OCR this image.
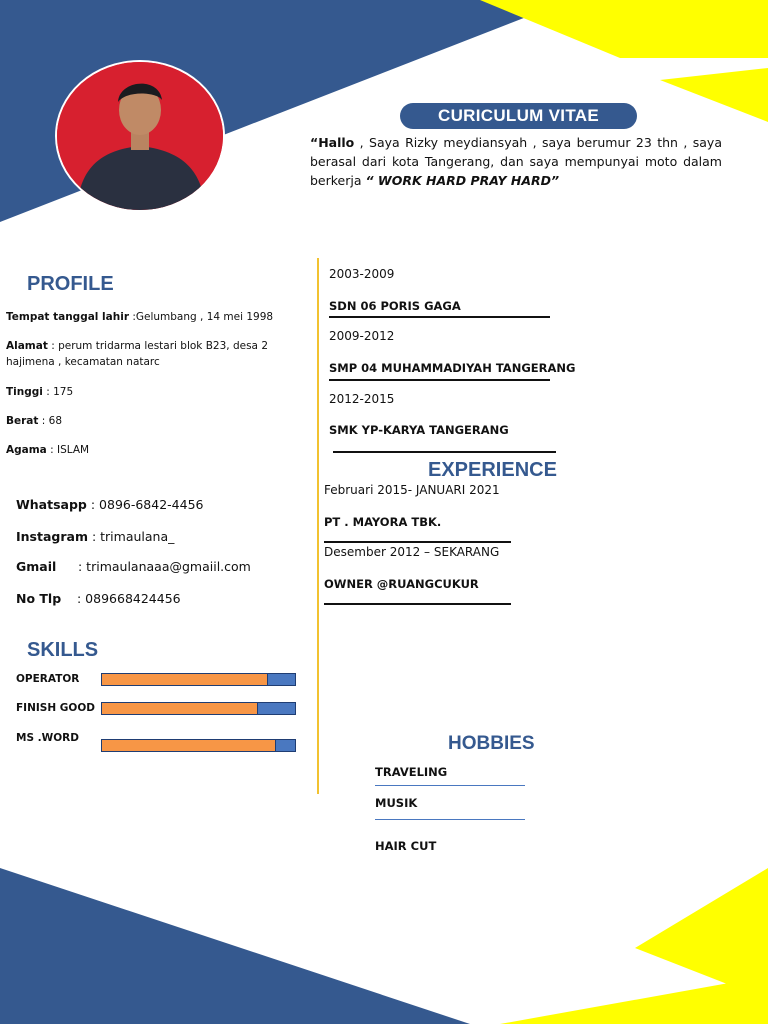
CURICULUM VITAE
“Hallo , Saya Rizky meydiansyah , saya berumur 23 thn , saya berasal dari kota Tangerang, dan saya mempunyai moto dalam berkerja “ WORK HARD PRAY HARD”
PROFILE
Tempat tanggal lahir :Gelumbang , 14 mei 1998
Alamat : perum tridarma lestari blok B23, desa 2 hajimena , kecamatan natarc
Tinggi : 175
Berat : 68
Agama : ISLAM
Whatsapp : 0896-6842-4456
Instagram : trimaulana_
Gmail : trimaulanaaa@gmaiil.com
No Tlp : 089668424456
SKILLS
OPERATOR
FINISH GOOD
MS .WORD
2003-2009
SDN 06 PORIS GAGA
2009-2012
SMP 04 MUHAMMADIYAH TANGERANG
2012-2015
SMK YP-KARYA TANGERANG
EXPERIENCE
Februari 2015- JANUARI 2021
PT . MAYORA TBK.
Desember 2012 – SEKARANG
OWNER @RUANGCUKUR
HOBBIES
TRAVELING
MUSIK
HAIR CUT
